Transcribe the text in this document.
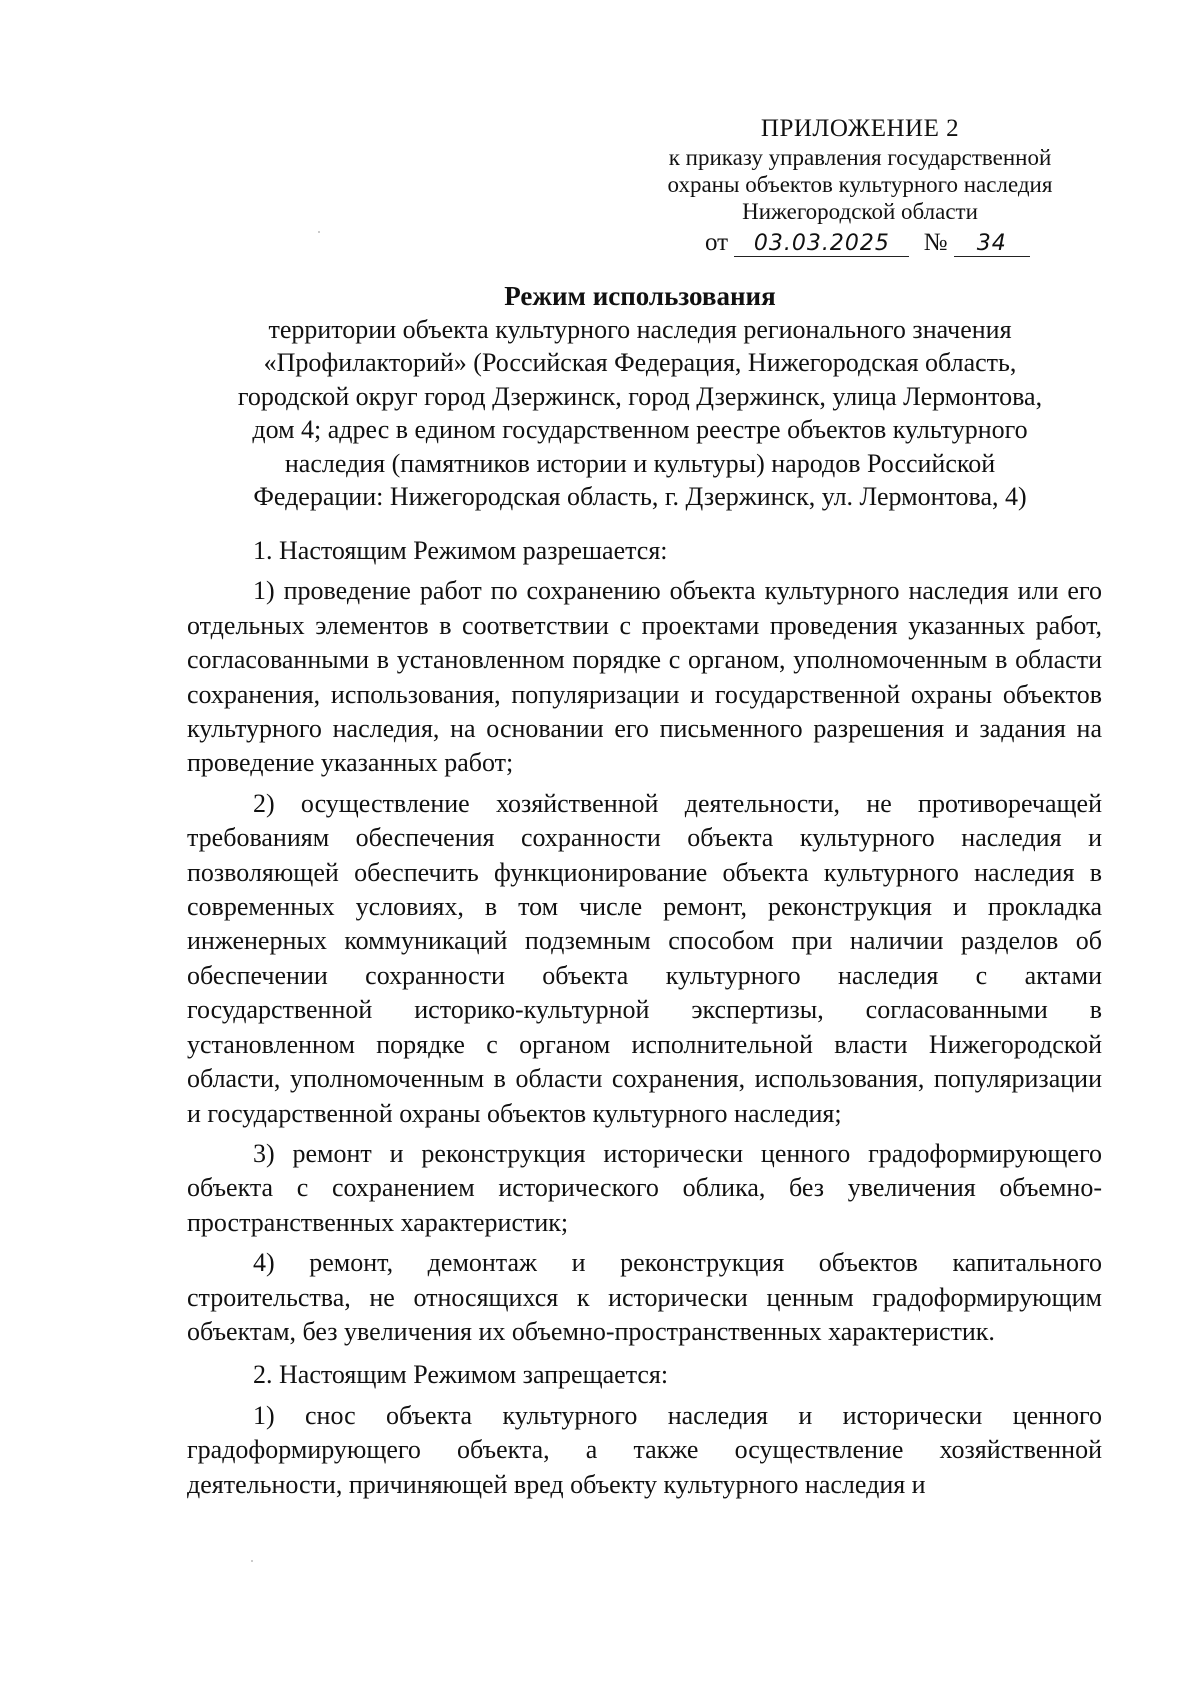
ПРИЛОЖЕНИЕ 2
к приказу управления государственной
охраны объектов культурного наследия
Нижегородской области
от 03.03.2025 № 34
Режим использования
территории объекта культурного наследия регионального значения
«Профилакторий» (Российская Федерация, Нижегородская область,
городской округ город Дзержинск, город Дзержинск, улица Лермонтова,
дом 4; адрес в едином государственном реестре объектов культурного
наследия (памятников истории и культуры) народов Российской
Федерации: Нижегородская область, г. Дзержинск, ул. Лермонтова, 4)

1. Настоящим Режимом разрешается:

1) проведение работ по сохранению объекта культурного наследия или его отдельных элементов в соответствии с проектами проведения указанных работ, согласованными в установленном порядке с органом, уполномоченным в области сохранения, использования, популяризации и государственной охраны объектов культурного наследия, на основании его письменного разрешения и задания на проведение указанных работ;

2) осуществление хозяйственной деятельности, не противоречащей требованиям обеспечения сохранности объекта культурного наследия и позволяющей обеспечить функционирование объекта культурного наследия в современных условиях, в том числе ремонт, реконструкция и прокладка инженерных коммуникаций подземным способом при наличии разделов об обеспечении сохранности объекта культурного наследия с актами государственной историко-культурной экспертизы, согласованными в установленном порядке с органом исполнительной власти Нижегородской области, уполномоченным в области сохранения, использования, популяризации и государственной охраны объектов культурного наследия;

3) ремонт и реконструкция исторически ценного градоформирующего объекта с сохранением исторического облика, без увеличения объемно-пространственных характеристик;

4) ремонт, демонтаж и реконструкция объектов капитального строительства, не относящихся к исторически ценным градоформирующим объектам, без увеличения их объемно-пространственных характеристик.

2. Настоящим Режимом запрещается:

1) снос объекта культурного наследия и исторически ценного градоформирующего объекта, а также осуществление хозяйственной деятельности, причиняющей вред объекту культурного наследия и
